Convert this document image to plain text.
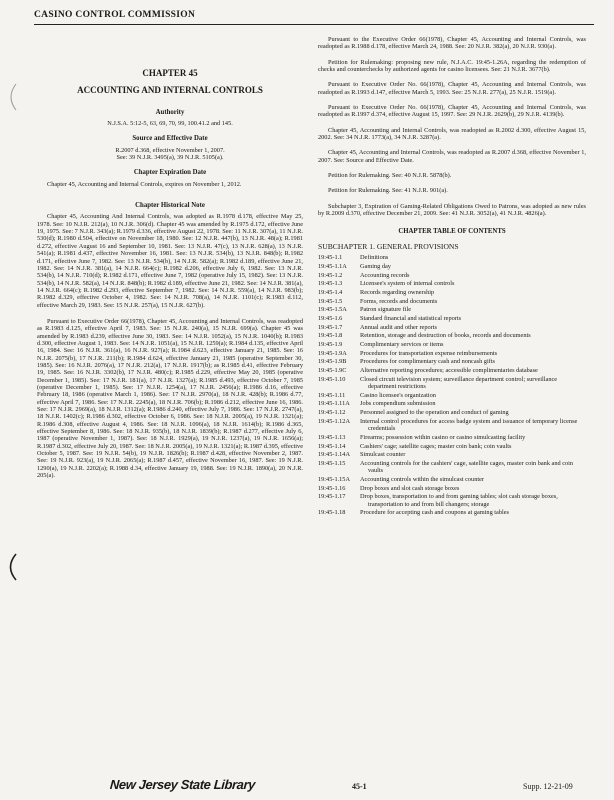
CASINO CONTROL COMMISSION
CHAPTER 45
ACCOUNTING AND INTERNAL CONTROLS
Authority

N.J.S.A. 5:12-5, 63, 69, 70, 99, 100.41.2 and 145.

Source and Effective Date
R.2007 d.368, effective November 1, 2007.
See: 39 N.J.R. 3495(a), 39 N.J.R. 5105(a).
Chapter Expiration Date

Chapter 45, Accounting and Internal Controls, expires on November 1, 2012.

Chapter Historical Note

Chapter 45, Accounting And Internal Controls, was adopted as R.1978 d.178, effective May 25, 1978. See: 10 N.J.R. 212(a), 10 N.J.R. 306(d). Chapter 45 was amended by R.1975 d.172, effective June 19, 1975. See: 7 N.J.R. 343(a); R.1979 d.336, effective August 22, 1978. See: 11 N.J.R. 307(a), 11 N.J.R. 530(d); R.1980 d.504, effective on November 18, 1980. See: 12 N.J.R. 447(b), 13 N.J.R. 48(a); R.1981 d.272, effective August 16 and September 10, 1981. See: 13 N.J.R. 47(c), 13 N.J.R. 628(a), 13 N.J.R. 541(a); R.1981 d.437, effective November 16, 1981. See: 13 N.J.R. 534(b), 13 N.J.R. 848(b); R.1982 d.171, effective June 7, 1982. See: 13 N.J.R. 534(b), 14 N.J.R. 582(a); R.1982 d.189, effective June 21, 1982. See: 14 N.J.R. 381(a), 14 N.J.R. 664(c); R.1982 d.206, effective July 6, 1982. See: 13 N.J.R. 534(b), 14 N.J.R. 710(d); R.1982 d.171, effective June 7, 1982 (operative July 15, 1982). See: 13 N.J.R. 534(b), 14 N.J.R. 582(a), 14 N.J.R. 848(b); R.1982 d.189, effective June 21, 1982. See: 14 N.J.R. 381(a), 14 N.J.R. 664(c); R.1982 d.293, effective September 7, 1982. See: 14 N.J.R. 559(a), 14 N.J.R. 983(b); R.1982 d.329, effective October 4, 1982. See: 14 N.J.R. 708(a), 14 N.J.R. 1101(c); R.1983 d.112, effective March 29, 1983. See: 15 N.J.R. 257(a), 15 N.J.R. 627(b).

Pursuant to Executive Order 66(1978), Chapter 45, Accounting and Internal Controls, was readopted as R.1983 d.125, effective April 7, 1983. See: 15 N.J.R. 240(a), 15 N.J.R. 699(a). Chapter 45 was amended by R.1983 d.239, effective June 30, 1983. See: 14 N.J.R. 1052(a), 15 N.J.R. 1040(b); R.1983 d.300, effective August 1, 1983. See: 14 N.J.R. 1051(a), 15 N.J.R. 1259(a); R.1984 d.135, effective April 16, 1984. See: 16 N.J.R. 361(a), 16 N.J.R. 927(a); R.1984 d.623, effective January 21, 1985. See: 16 N.J.R. 2075(b), 17 N.J.R. 211(b); R.1984 d.624, effective January 21, 1985 (operative September 30, 1985). See: 16 N.J.R. 2076(a), 17 N.J.R. 212(a), 17 N.J.R. 1917(b); as R.1985 d.41, effective February 19, 1985. See: 16 N.J.R. 3302(b), 17 N.J.R. 480(c); R.1985 d.229, effective May 20, 1985 (operative December 1, 1985). See: 17 N.J.R. 181(a), 17 N.J.R. 1327(a); R.1985 d.493, effective October 7, 1985 (operative December 1, 1985). See: 17 N.J.R. 1254(a), 17 N.J.R. 2456(a); R.1986 d.16, effective February 18, 1986 (operative March 1, 1986). See: 17 N.J.R. 2970(a), 18 N.J.R. 428(b); R.1986 d.77, effective April 7, 1986. See: 17 N.J.R. 2245(a), 18 N.J.R. 706(b); R.1986 d.212, effective June 16, 1986. See: 17 N.J.R. 2969(a), 18 N.J.R. 1312(a); R.1986 d.240, effective July 7, 1986. See: 17 N.J.R. 2747(a), 18 N.J.R. 1402(c); R.1986 d.302, effective October 6, 1986. See: 18 N.J.R. 2005(a), 19 N.J.R. 1321(a); R.1986 d.308, effective August 4, 1986. See: 18 N.J.R. 1096(a), 18 N.J.R. 1614(b); R.1986 d.365, effective September 8, 1986. See: 18 N.J.R. 935(b), 18 N.J.R. 1839(b); R.1987 d.277, effective July 6, 1987 (operative November 1, 1987). See: 18 N.J.R. 1929(a), 19 N.J.R. 1237(a), 19 N.J.R. 1656(a); R.1987 d.302, effective July 20, 1987. See: 18 N.J.R. 2005(a), 19 N.J.R. 1321(a); R.1987 d.395, effective October 5, 1987. See: 19 N.J.R. 54(b), 19 N.J.R. 1826(b); R.1987 d.428, effective November 2, 1987. See: 19 N.J.R. 923(a), 19 N.J.R. 2065(a); R.1987 d.457, effective November 16, 1987. See: 19 N.J.R. 1290(a), 19 N.J.R. 2202(a); R.1988 d.34, effective January 19, 1988. See: 19 N.J.R. 1890(a), 20 N.J.R. 205(a).

Pursuant to the Executive Order 66(1978), Chapter 45, Accounting and Internal Controls, was readopted as R.1988 d.178, effective March 24, 1988. See: 20 N.J.R. 382(a), 20 N.J.R. 930(a).

Petition for Rulemaking: proposing new rule, N.J.A.C. 19:45-1.26A, regarding the redemption of checks and counterchecks by authorized agents for casino licensees. See: 21 N.J.R. 3677(b).

Pursuant to Executive Order No. 66(1978), Chapter 45, Accounting and Internal Controls, was readopted as R.1993 d.147, effective March 5, 1993. See: 25 N.J.R. 277(a), 25 N.J.R. 1519(a).

Pursuant to Executive Order No. 66(1978), Chapter 45, Accounting and Internal Controls, was readopted as R.1997 d.374, effective August 15, 1997. See: 29 N.J.R. 2629(b), 29 N.J.R. 4139(b).

Chapter 45, Accounting and Internal Controls, was readopted as R.2002 d.300, effective August 15, 2002. See: 34 N.J.R. 1773(a), 34 N.J.R. 3287(a).

Chapter 45, Accounting and Internal Controls, was readopted as R.2007 d.368, effective November 1, 2007. See: Source and Effective Date.

Petition for Rulemaking. See: 40 N.J.R. 5878(b).

Petition for Rulemaking. See: 41 N.J.R. 901(a).

Subchapter 3, Expiration of Gaming-Related Obligations Owed to Patrons, was adopted as new rules by R.2009 d.370, effective December 21, 2009. See: 41 N.J.R. 3052(a), 41 N.J.R. 4826(a).

CHAPTER TABLE OF CONTENTS
SUBCHAPTER 1. GENERAL PROVISIONS
19:45-1.1	Definitions
19:45-1.1A	Gaming day
19:45-1.2	Accounting records
19:45-1.3	Licensee's system of internal controls
19:45-1.4	Records regarding ownership
19:45-1.5	Forms, records and documents
19:45-1.5A	Patron signature file
19:45-1.6	Standard financial and statistical reports
19:45-1.7	Annual audit and other reports
19:45-1.8	Retention, storage and destruction of books, records and documents
19:45-1.9	Complimentary services or items
19:45-1.9A	Procedures for transportation expense reimbursements
19:45-1.9B	Procedures for complimentary cash and noncash gifts
19:45-1.9C	Alternative reporting procedures; accessible complimentaries database
19:45-1.10	Closed circuit television system; surveillance department control; surveillance department restrictions
19:45-1.11	Casino licensee's organization
19:45-1.11A	Jobs compendium submission
19:45-1.12	Personnel assigned to the operation and conduct of gaming
19:45-1.12A	Internal control procedures for access badge system and issuance of temporary license credentials
19:45-1.13	Firearms; possession within casino or casino simulcasting facility
19:45-1.14	Cashiers' cage; satellite cages; master coin bank; coin vaults
19:45-1.14A	Simulcast counter
19:45-1.15	Accounting controls for the cashiers' cage, satellite cages, master coin bank and coin vaults
19:45-1.15A	Accounting controls within the simulcast counter
19:45-1.16	Drop boxes and slot cash storage boxes
19:45-1.17	Drop boxes, transportation to and from gaming tables; slot cash storage boxes, transportation to and from bill changers; storage
19:45-1.18	Procedure for accepting cash and coupons at gaming tables
New Jersey State Library	45-1	Supp. 12-21-09
